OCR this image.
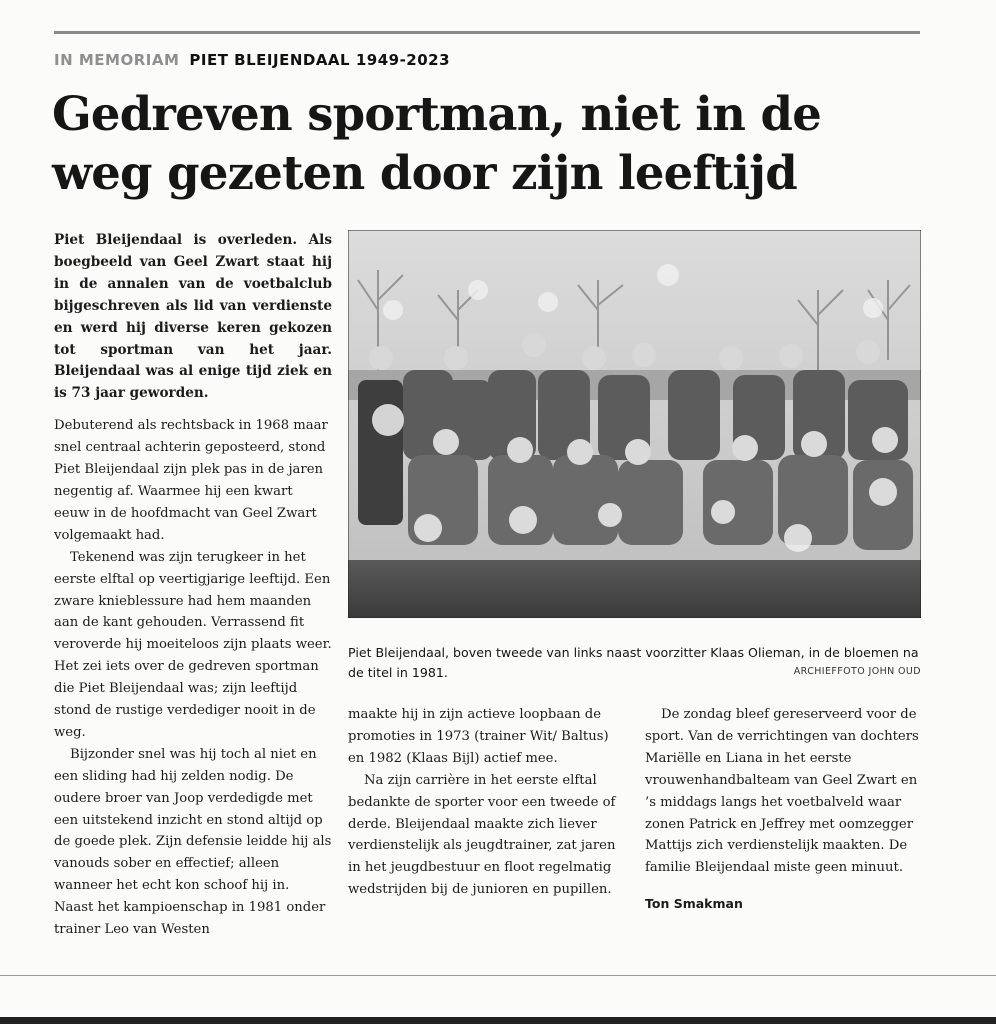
IN MEMORIAM PIET BLEIJENDAAL 1949-2023
Gedreven sportman, niet in de weg gezeten door zijn leeftijd

Piet Bleijendaal is overleden. Als boegbeeld van Geel Zwart staat hij in de annalen van de voetbalclub bijgeschreven als lid van verdienste en werd hij diverse keren gekozen tot sportman van het jaar. Bleijendaal was al enige tijd ziek en is 73 jaar geworden.

Debuterend als rechtsback in 1968 maar snel centraal achterin geposteerd, stond Piet Bleijendaal zijn plek pas in de jaren negentig af. Waarmee hij een kwart eeuw in de hoofdmacht van Geel Zwart volgemaakt had.

Tekenend was zijn terugkeer in het eerste elftal op veertigjarige leeftijd. Een zware knieblessure had hem maanden aan de kant gehouden. Verrassend fit veroverde hij moeiteloos zijn plaats weer. Het zei iets over de gedreven sportman die Piet Bleijendaal was; zijn leeftijd stond de rustige verdediger nooit in de weg.

Bijzonder snel was hij toch al niet en een sliding had hij zelden nodig. De oudere broer van Joop verdedigde met een uitstekend inzicht en stond altijd op de goede plek. Zijn defensie leidde hij als vanouds sober en effectief; alleen wanneer het echt kon schoof hij in. Naast het kampioenschap in 1981 onder trainer Leo van Westen

Piet Bleijendaal, boven tweede van links naast voorzitter Klaas Olieman, in de bloemen na de titel in 1981.	ARCHIEFFOTO JOHN OUD

maakte hij in zijn actieve loopbaan de promoties in 1973 (trainer Wit/ Baltus) en 1982 (Klaas Bijl) actief mee.

Na zijn carrière in het eerste elftal bedankte de sporter voor een tweede of derde. Bleijendaal maakte zich liever verdienstelijk als jeugdtrainer, zat jaren in het jeugdbestuur en floot regelmatig wedstrijden bij de junioren en pupillen.

De zondag bleef gereserveerd voor de sport. Van de verrichtingen van dochters Mariëlle en Liana in het eerste vrouwenhandbalteam van Geel Zwart en ’s middags langs het voetbalveld waar zonen Patrick en Jeffrey met oomzegger Mattijs zich verdienstelijk maakten. De familie Bleijendaal miste geen minuut.

Ton Smakman
